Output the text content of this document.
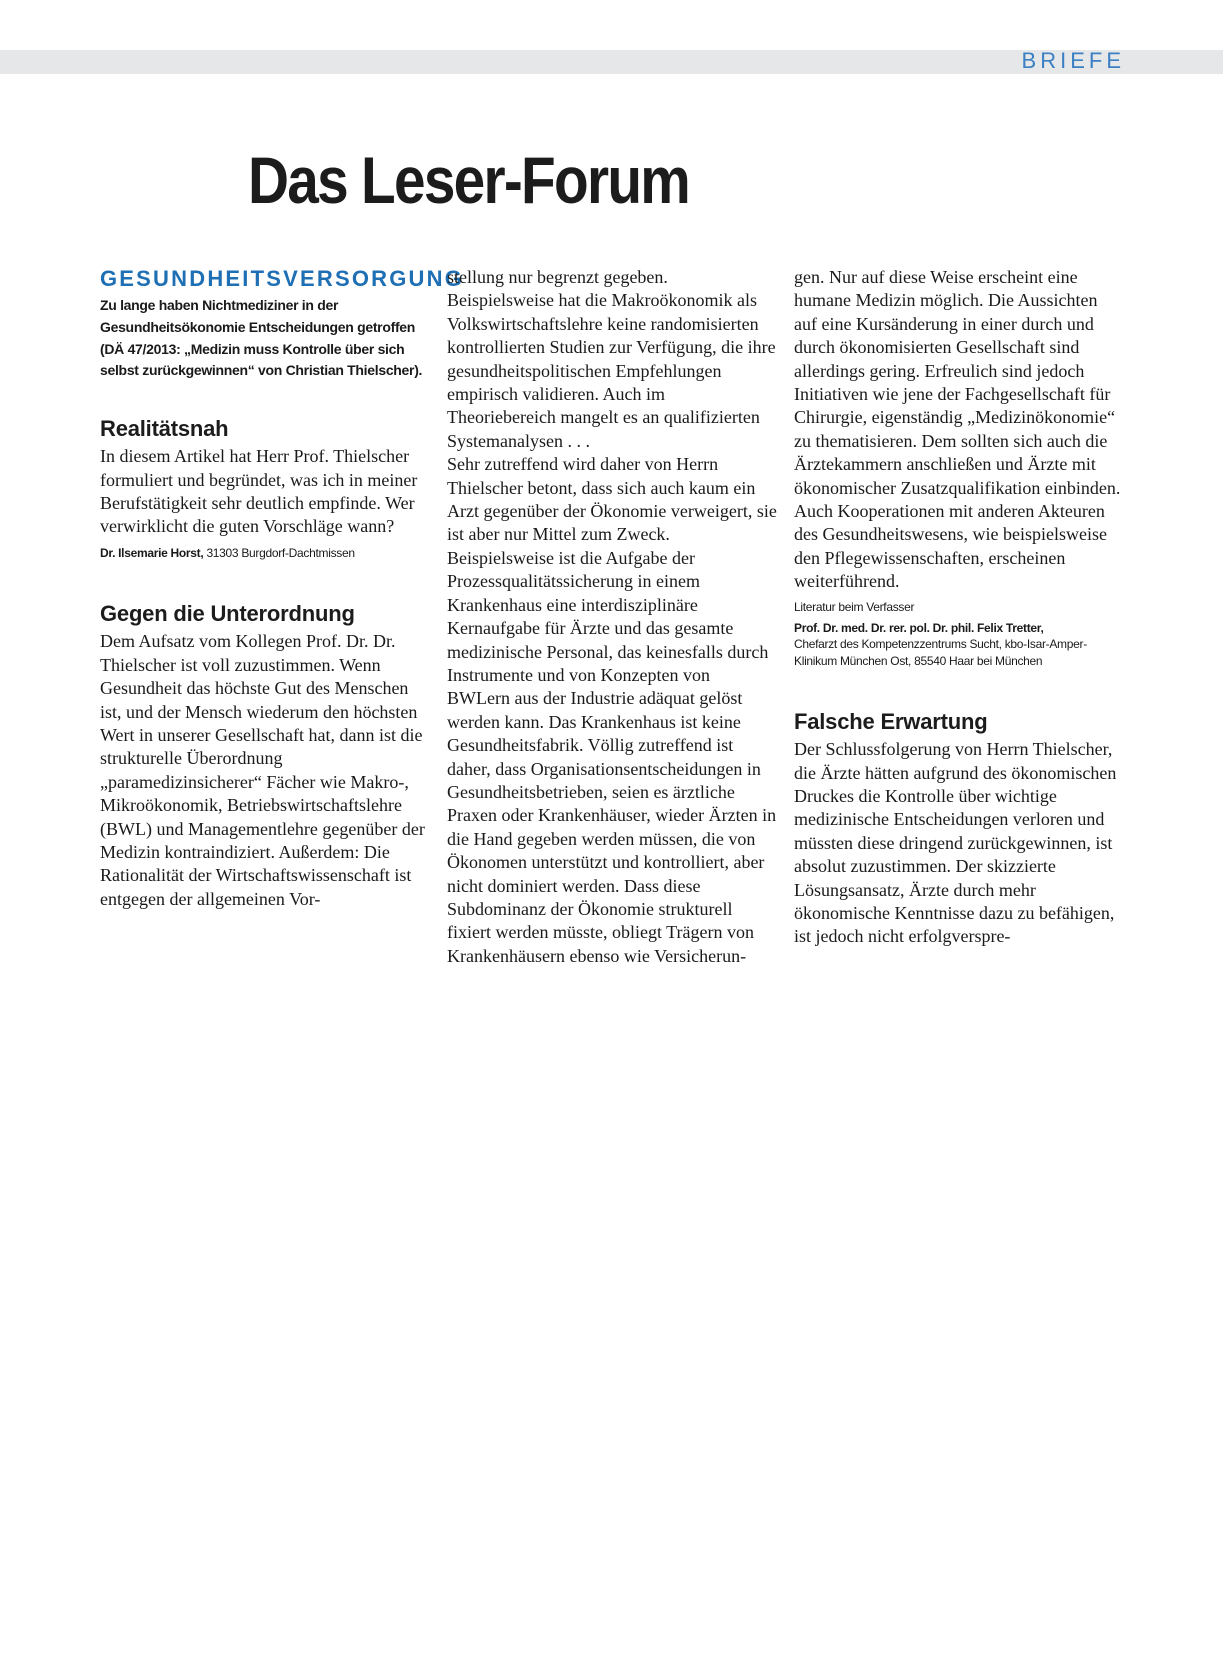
BRIEFE
Das Leser-Forum

GESUNDHEITSVERSORGUNG

Zu lange haben Nichtmediziner in der Gesundheitsökonomie Entscheidungen getroffen (DÄ 47/2013: „Medizin muss Kontrolle über sich selbst zurückgewinnen“ von Christian Thielscher).

Realitätsnah

In diesem Artikel hat Herr Prof. Thielscher formuliert und begründet, was ich in meiner Berufstätigkeit sehr deutlich empfinde. Wer verwirklicht die guten Vorschläge wann?

Dr. Ilsemarie Horst, 31303 Burgdorf-Dachtmissen

Gegen die Unterordnung

Dem Aufsatz vom Kollegen Prof. Dr. Dr. Thielscher ist voll zuzustimmen. Wenn Gesundheit das höchste Gut des Menschen ist, und der Mensch wiederum den höchsten Wert in unserer Gesellschaft hat, dann ist die strukturelle Überordnung „paramedizinsicherer“ Fächer wie Makro-, Mikroökonomik, Betriebswirtschaftslehre (BWL) und Managementlehre gegenüber der Medizin kontraindiziert. Außerdem: Die Rationalität der Wirtschaftswissenschaft ist entgegen der allgemeinen Vor-

stellung nur begrenzt gegeben. Beispielsweise hat die Makroökonomik als Volkswirtschaftslehre keine randomisierten kontrollierten Studien zur Verfügung, die ihre gesundheitspolitischen Empfehlungen empirisch validieren. Auch im Theoriebereich mangelt es an qualifizierten Systemanalysen . . .

Sehr zutreffend wird daher von Herrn Thielscher betont, dass sich auch kaum ein Arzt gegenüber der Ökonomie verweigert, sie ist aber nur Mittel zum Zweck. Beispielsweise ist die Aufgabe der Prozessqualitätssicherung in einem Krankenhaus eine interdisziplinäre Kernaufgabe für Ärzte und das gesamte medizinische Personal, das keinesfalls durch Instrumente und von Konzepten von BWLern aus der Industrie adäquat gelöst werden kann. Das Krankenhaus ist keine Gesundheitsfabrik. Völlig zutreffend ist daher, dass Organisationsentscheidungen in Gesundheitsbetrieben, seien es ärztliche Praxen oder Krankenhäuser, wieder Ärzten in die Hand gegeben werden müssen, die von Ökonomen unterstützt und kontrolliert, aber nicht dominiert werden. Dass diese Subdominanz der Ökonomie strukturell fixiert werden müsste, obliegt Trägern von Krankenhäusern ebenso wie Versicherun-

gen. Nur auf diese Weise erscheint eine humane Medizin möglich. Die Aussichten auf eine Kursänderung in einer durch und durch ökonomisierten Gesellschaft sind allerdings gering. Erfreulich sind jedoch Initiativen wie jene der Fachgesellschaft für Chirurgie, eigenständig „Medizinökonomie“ zu thematisieren. Dem sollten sich auch die Ärztekammern anschließen und Ärzte mit ökonomischer Zusatzqualifikation einbinden. Auch Kooperationen mit anderen Akteuren des Gesundheitswesens, wie beispielsweise den Pflegewissenschaften, erscheinen weiterführend.

Literatur beim Verfasser

Prof. Dr. med. Dr. rer. pol. Dr. phil. Felix Tretter,
Chefarzt des Kompetenzzentrums Sucht, kbo-Isar-Amper-Klinikum München Ost, 85540 Haar bei München

Falsche Erwartung

Der Schlussfolgerung von Herrn Thielscher, die Ärzte hätten aufgrund des ökonomischen Druckes die Kontrolle über wichtige medizinische Entscheidungen verloren und müssten diese dringend zurückgewinnen, ist absolut zuzustimmen. Der skizzierte Lösungsansatz, Ärzte durch mehr ökonomische Kenntnisse dazu zu befähigen, ist jedoch nicht erfolgverspre-
